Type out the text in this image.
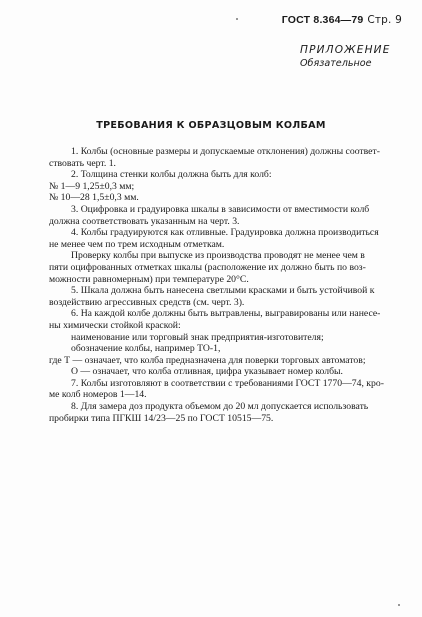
ГОСТ 8.364—79 Стр. 9
ПРИЛОЖЕНИЕ
Обязательное
ТРЕБОВАНИЯ К ОБРАЗЦОВЫМ КОЛБАМ
1. Колбы (основные размеры и допускаемые отклонения) должны соответ-
ствовать черт. 1.
2. Толщина стенки колбы должна быть для колб:
№ 1—9 1,25±0,3 мм;
№ 10—28 1,5±0,3 мм.
3. Оцифровка и градуировка шкалы в зависимости от вместимости колб
должна соответствовать указанным на черт. 3.
4. Колбы градуируются как отливные. Градуировка должна производиться
не менее чем по трем исходным отметкам.
Проверку колбы при выпуске из производства проводят не менее чем в
пяти оцифрованных отметках шкалы (расположение их должно быть по воз-
можности равномерным) при температуре 20°С.
5. Шкала должна быть нанесена светлыми красками и быть устойчивой к
воздействию агрессивных средств (см. черт. 3).
6. На каждой колбе должны быть вытравлены, выгравированы или нанесе-
ны химически стойкой краской:
наименование или торговый знак предприятия-изготовителя;
обозначение колбы, например ТО-1,
где Т — означает, что колба предназначена для поверки торговых автоматов;
О — означает, что колба отливная, цифра указывает номер колбы.
7. Колбы изготовляют в соответствии с требованиями ГОСТ 1770—74, кро-
ме колб номеров 1—14.
8. Для замера доз продукта объемом до 20 мл допускается использовать
пробирки типа ПГКШ 14/23—25 по ГОСТ 10515—75.
